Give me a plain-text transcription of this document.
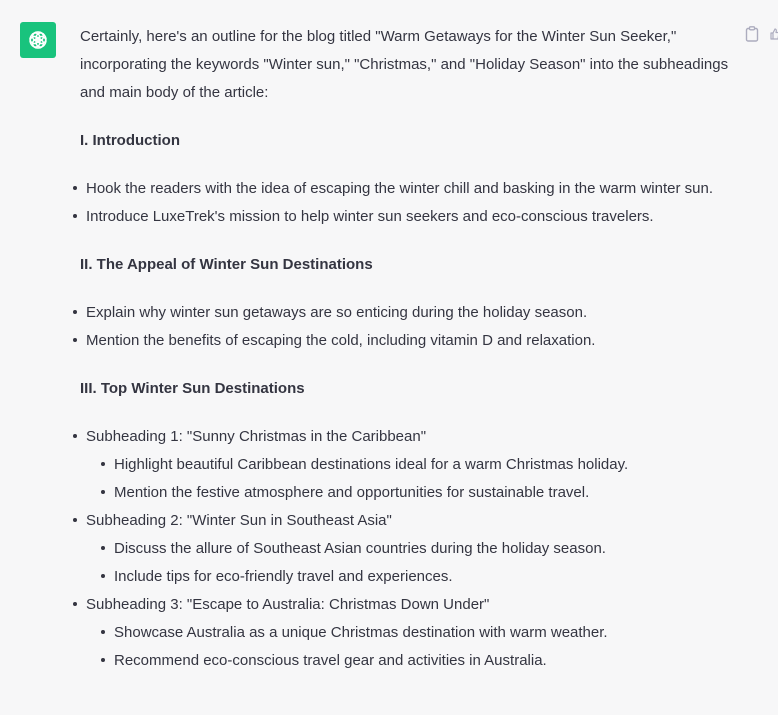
Certainly, here's an outline for the blog titled "Warm Getaways for the Winter Sun Seeker," incorporating the keywords "Winter sun," "Christmas," and "Holiday Season" into the subheadings and main body of the article:

I. Introduction
Hook the readers with the idea of escaping the winter chill and basking in the warm winter sun.
Introduce LuxeTrek's mission to help winter sun seekers and eco-conscious travelers.
II. The Appeal of Winter Sun Destinations
Explain why winter sun getaways are so enticing during the holiday season.
Mention the benefits of escaping the cold, including vitamin D and relaxation.
III. Top Winter Sun Destinations
Subheading 1: "Sunny Christmas in the Caribbean"
Highlight beautiful Caribbean destinations ideal for a warm Christmas holiday.
Mention the festive atmosphere and opportunities for sustainable travel.
Subheading 2: "Winter Sun in Southeast Asia"
Discuss the allure of Southeast Asian countries during the holiday season.
Include tips for eco-friendly travel and experiences.
Subheading 3: "Escape to Australia: Christmas Down Under"
Showcase Australia as a unique Christmas destination with warm weather.
Recommend eco-conscious travel gear and activities in Australia.
